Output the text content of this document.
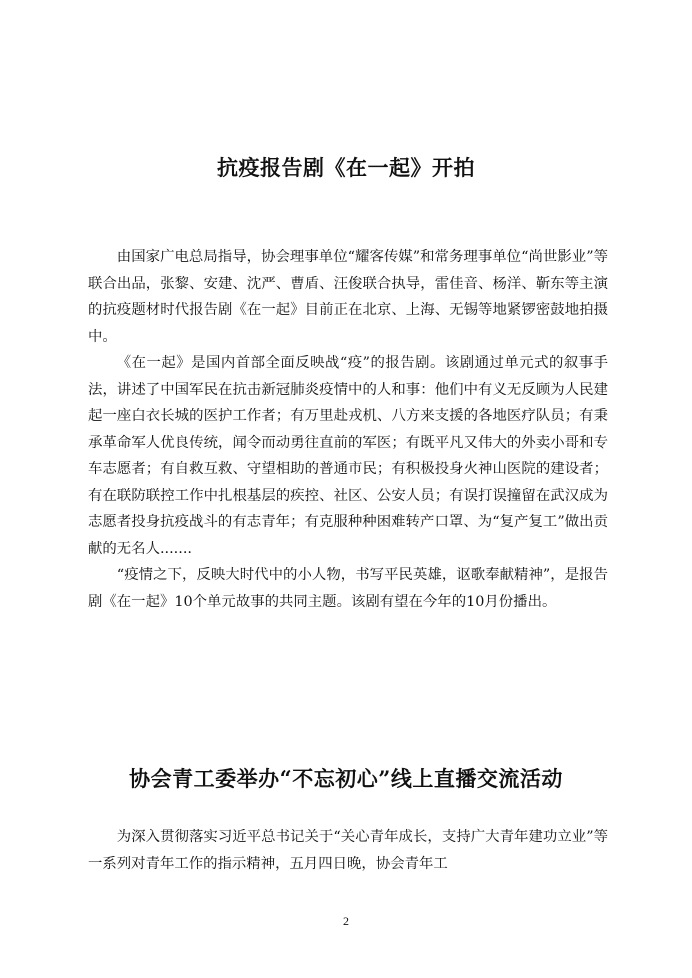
抗疫报告剧《在一起》开拍

由国家广电总局指导，协会理事单位“耀客传媒”和常务理事单位“尚世影业”等联合出品，张黎、安建、沈严、曹盾、汪俊联合执导，雷佳音、杨洋、靳东等主演的抗疫题材时代报告剧《在一起》目前正在北京、上海、无锡等地紧锣密鼓地拍摄中。

《在一起》是国内首部全面反映战“疫”的报告剧。该剧通过单元式的叙事手法，讲述了中国军民在抗击新冠肺炎疫情中的人和事：他们中有义无反顾为人民建起一座白衣长城的医护工作者；有万里赴戎机、八方来支援的各地医疗队员；有秉承革命军人优良传统，闻令而动勇往直前的军医；有既平凡又伟大的外卖小哥和专车志愿者；有自救互救、守望相助的普通市民；有积极投身火神山医院的建设者；有在联防联控工作中扎根基层的疾控、社区、公安人员；有误打误撞留在武汉成为志愿者投身抗疫战斗的有志青年；有克服种种困难转产口罩、为“复产复工”做出贡献的无名人.......

“疫情之下，反映大时代中的小人物，书写平民英雄，讴歌奉献精神”，是报告剧《在一起》10个单元故事的共同主题。该剧有望在今年的10月份播出。

协会青工委举办“不忘初心”线上直播交流活动

为深入贯彻落实习近平总书记关于“关心青年成长，支持广大青年建功立业”等一系列对青年工作的指示精神，五月四日晚，协会青年工

2
